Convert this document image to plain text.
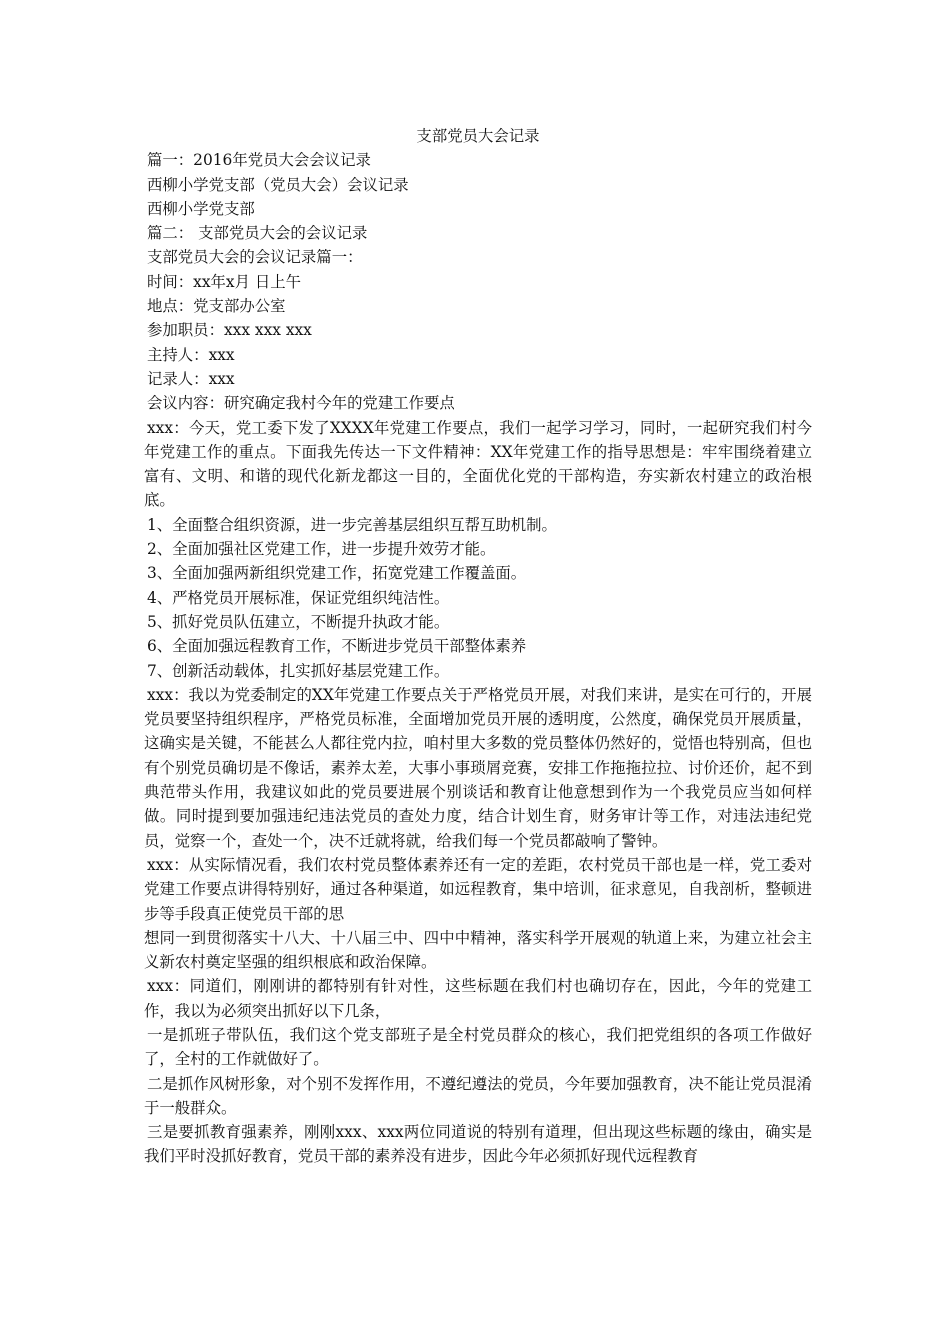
支部党员大会记录

篇一：2016年党员大会会议记录

西柳小学党支部（党员大会）会议记录

西柳小学党支部

篇二： 支部党员大会的会议记录

支部党员大会的会议记录篇一：

时间：xx年x月 日上午

地点：党支部办公室

参加职员：xxx xxx xxx

主持人：xxx

记录人：xxx

会议内容：研究确定我村今年的党建工作要点

xxx：今天，党工委下发了XXXX年党建工作要点，我们一起学习学习，同时，一起研究我们村今年党建工作的重点。下面我先传达一下文件精神：XX年党建工作的指导思想是：牢牢围绕着建立富有、文明、和谐的现代化新龙都这一目的，全面优化党的干部构造，夯实新农村建立的政治根底。

1、全面整合组织资源，进一步完善基层组织互帮互助机制。

2、全面加强社区党建工作，进一步提升效劳才能。

3、全面加强两新组织党建工作，拓宽党建工作覆盖面。

4、严格党员开展标准，保证党组织纯洁性。

5、抓好党员队伍建立，不断提升执政才能。

6、全面加强远程教育工作，不断进步党员干部整体素养

7、创新活动载体，扎实抓好基层党建工作。

xxx：我以为党委制定的XX年党建工作要点关于严格党员开展，对我们来讲，是实在可行的，开展党员要坚持组织程序，严格党员标准，全面增加党员开展的透明度，公然度，确保党员开展质量，这确实是关键，不能甚么人都往党内拉，咱村里大多数的党员整体仍然好的，觉悟也特别高，但也有个别党员确切是不像话，素养太差，大事小事琐屑竞赛，安排工作拖拖拉拉、讨价还价，起不到典范带头作用，我建议如此的党员要进展个别谈话和教育让他意想到作为一个我党员应当如何样做。同时提到要加强违纪违法党员的查处力度，结合计划生育，财务审计等工作，对违法违纪党员，觉察一个，查处一个，决不迁就将就，给我们每一个党员都敲响了警钟。

xxx：从实际情况看，我们农村党员整体素养还有一定的差距，农村党员干部也是一样，党工委对党建工作要点讲得特别好，通过各种渠道，如远程教育，集中培训，征求意见，自我剖析，整顿进步等手段真正使党员干部的思

想同一到贯彻落实十八大、十八届三中、四中中精神，落实科学开展观的轨道上来，为建立社会主义新农村奠定坚强的组织根底和政治保障。

xxx：同道们，刚刚讲的都特别有针对性，这些标题在我们村也确切存在，因此，今年的党建工作，我以为必须突出抓好以下几条，

一是抓班子带队伍，我们这个党支部班子是全村党员群众的核心，我们把党组织的各项工作做好了，全村的工作就做好了。

二是抓作风树形象，对个别不发挥作用，不遵纪遵法的党员，今年要加强教育，决不能让党员混淆于一般群众。

三是要抓教育强素养，刚刚xxx、xxx两位同道说的特别有道理，但出现这些标题的缘由，确实是我们平时没抓好教育，党员干部的素养没有进步，因此今年必须抓好现代远程教育
